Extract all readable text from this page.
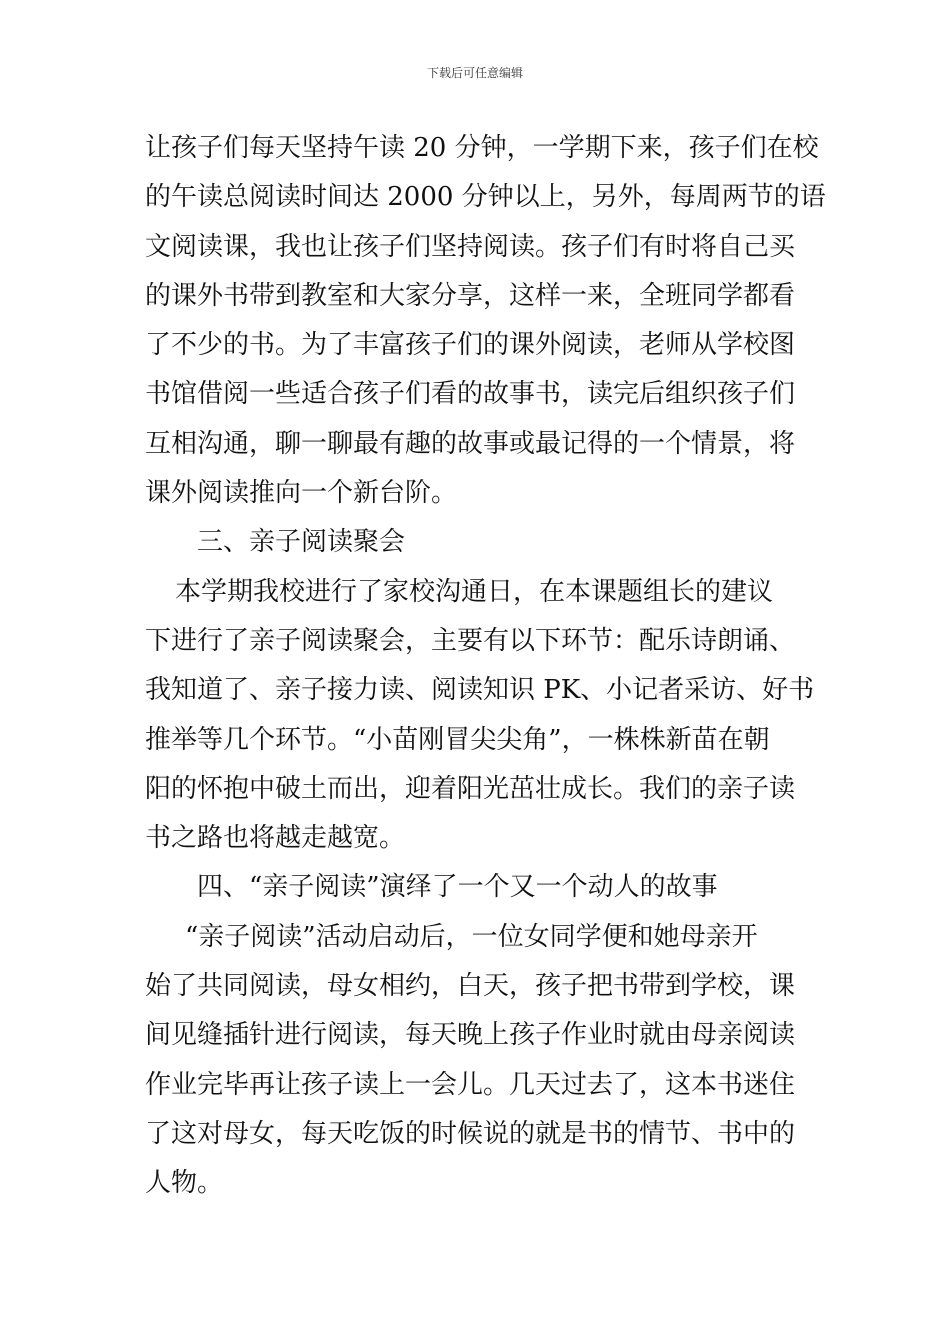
下载后可任意编辑
让孩子们每天坚持午读 20 分钟，一学期下来，孩子们在校
的午读总阅读时间达 2000 分钟以上，另外，每周两节的语
文阅读课，我也让孩子们坚持阅读。孩子们有时将自己买
的课外书带到教室和大家分享，这样一来，全班同学都看
了不少的书。为了丰富孩子们的课外阅读，老师从学校图
书馆借阅一些适合孩子们看的故事书，读完后组织孩子们
互相沟通，聊一聊最有趣的故事或最记得的一个情景，将
课外阅读推向一个新台阶。
三、亲子阅读聚会
本学期我校进行了家校沟通日，在本课题组长的建议
下进行了亲子阅读聚会，主要有以下环节：配乐诗朗诵、
我知道了、亲子接力读、阅读知识 PK、小记者采访、好书
推举等几个环节。“小苗刚冒尖尖角”，一株株新苗在朝
阳的怀抱中破土而出，迎着阳光茁壮成长。我们的亲子读
书之路也将越走越宽。
四、“亲子阅读”演绎了一个又一个动人的故事
“亲子阅读”活动启动后，一位女同学便和她母亲开
始了共同阅读，母女相约，白天，孩子把书带到学校，课
间见缝插针进行阅读，每天晚上孩子作业时就由母亲阅读
作业完毕再让孩子读上一会儿。几天过去了，这本书迷住
了这对母女，每天吃饭的时候说的就是书的情节、书中的
人物。
